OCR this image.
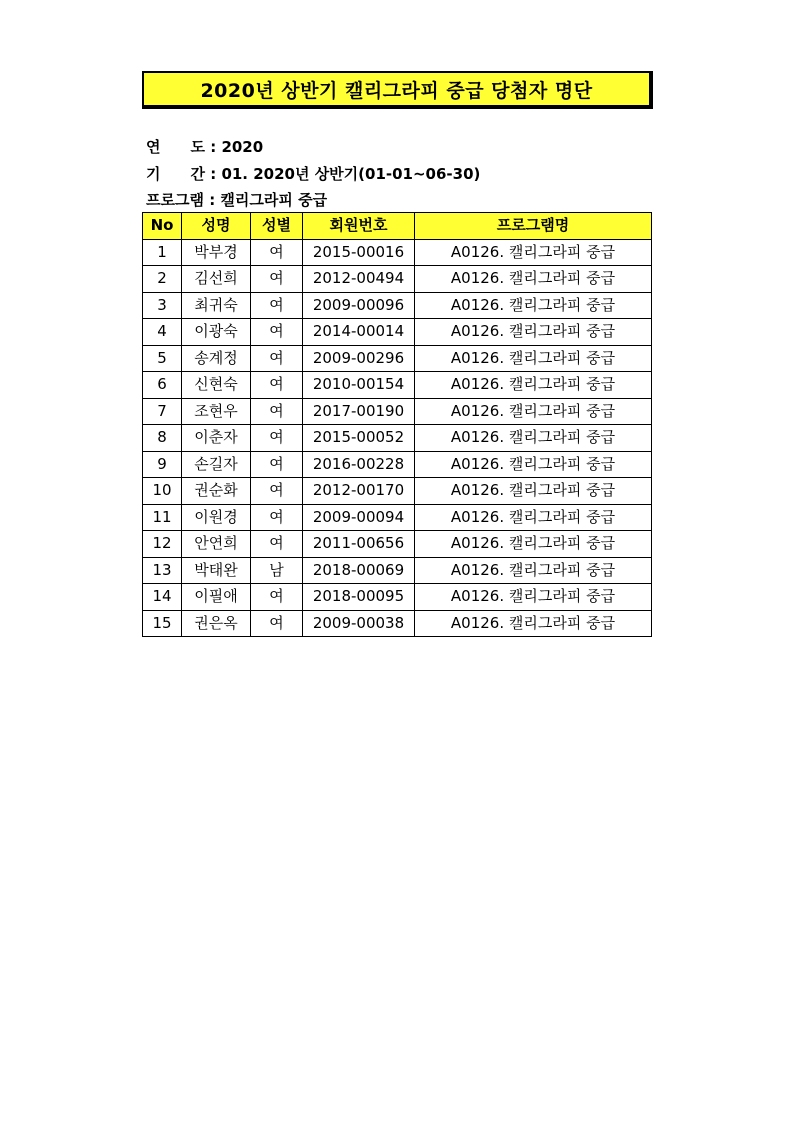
2020년 상반기 캘리그라피 중급 당첨자 명단
연　　도 : 2020
기　　간 : 01. 2020년 상반기(01-01~06-30)
프로그램 : 캘리그라피 중급
No	성명	성별	회원번호	프로그램명
1	박부경	여	2015-00016	A0126. 캘리그라피 중급
2	김선희	여	2012-00494	A0126. 캘리그라피 중급
3	최귀숙	여	2009-00096	A0126. 캘리그라피 중급
4	이광숙	여	2014-00014	A0126. 캘리그라피 중급
5	송계정	여	2009-00296	A0126. 캘리그라피 중급
6	신현숙	여	2010-00154	A0126. 캘리그라피 중급
7	조현우	여	2017-00190	A0126. 캘리그라피 중급
8	이춘자	여	2015-00052	A0126. 캘리그라피 중급
9	손길자	여	2016-00228	A0126. 캘리그라피 중급
10	권순화	여	2012-00170	A0126. 캘리그라피 중급
11	이원경	여	2009-00094	A0126. 캘리그라피 중급
12	안연희	여	2011-00656	A0126. 캘리그라피 중급
13	박태완	남	2018-00069	A0126. 캘리그라피 중급
14	이필애	여	2018-00095	A0126. 캘리그라피 중급
15	권은옥	여	2009-00038	A0126. 캘리그라피 중급
